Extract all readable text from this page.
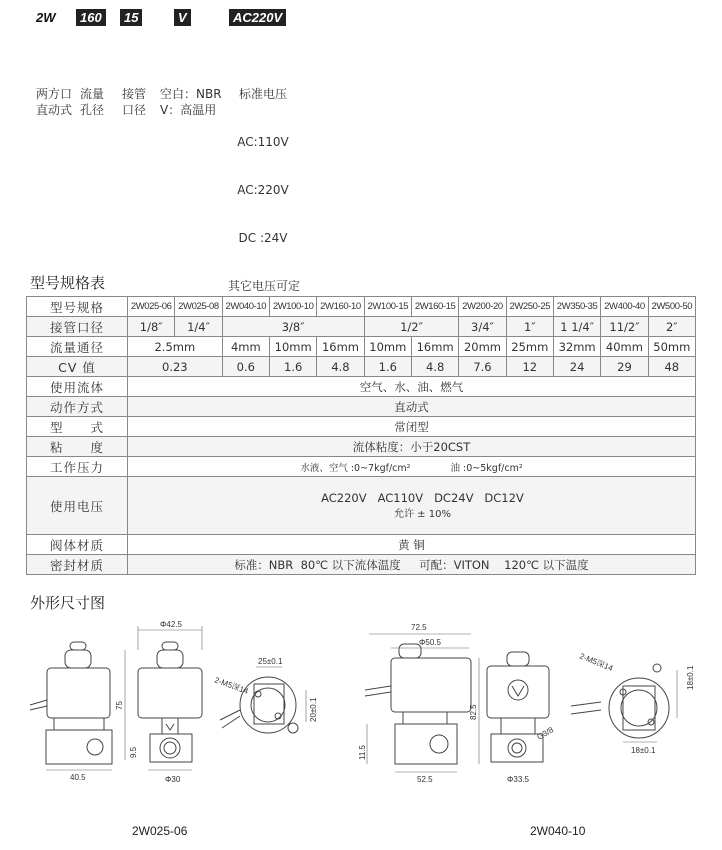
2W	160	15	V	AC220V

两方口
直动式

流量
孔径

接管
口径

空白：NBR
V：高温用

标准电压

AC:110V

AC:220V

DC :24V

其它电压可定

型号规格表
型号规格	2W025-06	2W025-08	2W040-10	2W100-10	2W160-10	2W100-15	2W160-15	2W200-20	2W250-25	2W350-35	2W400-40	2W500-50
接管口径	1/8″	1/4″	3/8″			1/2″		3/4″	1″	1 1/4″	11/2″	2″
流量通径	2.5mm		4mm	10mm	16mm	10mm	16mm	20mm	25mm	32mm	40mm	50mm
CV 值	0.23		0.6	1.6	4.8	1.6	4.8	7.6	12	24	29	48
使用流体	空气、水、油、燃气											
动作方式	直动式											
型　　式	常闭型											
粘　　度	流体粘度：小于20CST											
工作压力	水液、空气 :0~7kgf/cm² 油 :0~5kgf/cm²											
使用电压	AC220V   AC110V   DC24V   DC12V
允许 ± 10%											

阀体材质	黄 铜											
密封材质	标准：NBR  80℃ 以下流体温度     可配：VITON    120℃ 以下温度											
外形尺寸图
Φ42.5
75
40.5
9.5
Φ30
25±0.1
20±0.1
2-M5深14
72.5
Φ50.5
82.5
11.5
52.5	Φ33.5
G3/8
18±0.1
18±0.1
2-M5深14
2W025-06	2W040-10
